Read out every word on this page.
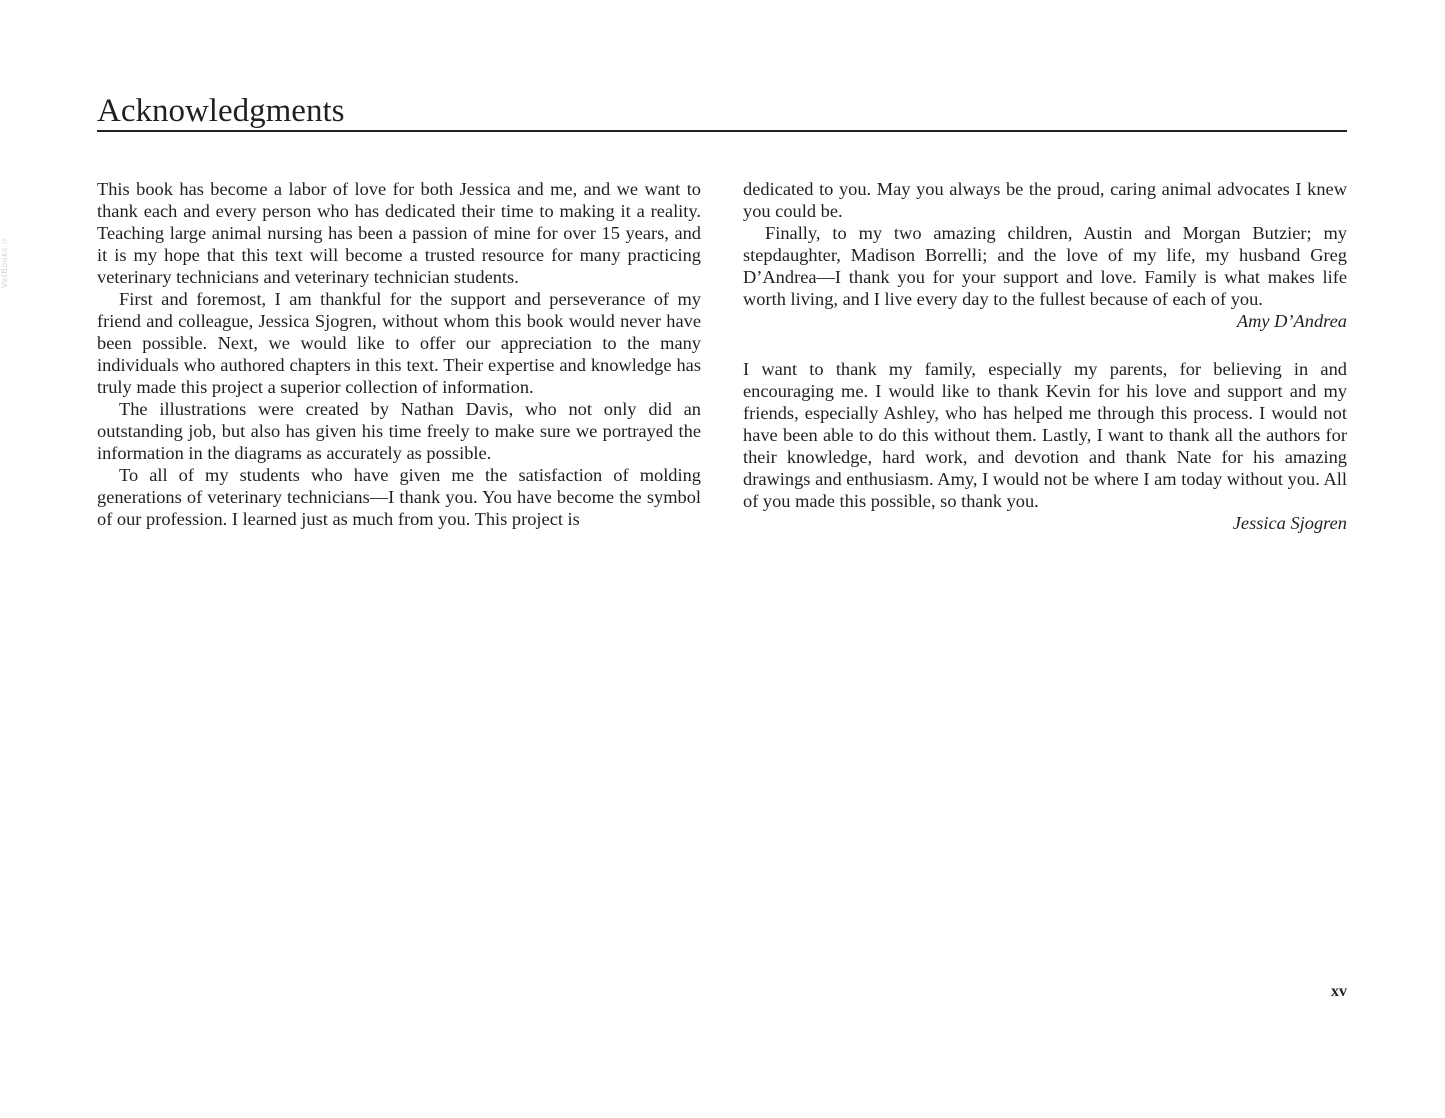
VetBooks.ir
Acknowledgments

This book has become a labor of love for both Jessica and me, and we want to thank each and every person who has dedicated their time to making it a reality. Teaching large animal nursing has been a passion of mine for over 15 years, and it is my hope that this text will become a trusted resource for many practicing veterinary technicians and veterinary technician students.

First and foremost, I am thankful for the support and perseverance of my friend and colleague, Jessica Sjogren, without whom this book would never have been possible. Next, we would like to offer our appreciation to the many individuals who authored chapters in this text. Their expertise and knowledge has truly made this project a superior collection of information.

The illustrations were created by Nathan Davis, who not only did an outstanding job, but also has given his time freely to make sure we portrayed the information in the diagrams as accurately as possible.

To all of my students who have given me the satisfaction of molding generations of veterinary technicians—I thank you. You have become the symbol of our profession. I learned just as much from you. This project is

dedicated to you. May you always be the proud, caring animal advocates I knew you could be.

Finally, to my two amazing children, Austin and Morgan Butzier; my stepdaughter, Madison Borrelli; and the love of my life, my husband Greg D’Andrea—I thank you for your support and love. Family is what makes life worth living, and I live every day to the fullest because of each of you.

Amy D’Andrea

I want to thank my family, especially my parents, for believing in and encouraging me. I would like to thank Kevin for his love and support and my friends, especially Ashley, who has helped me through this process. I would not have been able to do this without them. Lastly, I want to thank all the authors for their knowledge, hard work, and devotion and thank Nate for his amazing drawings and enthusiasm. Amy, I would not be where I am today without you. All of you made this possible, so thank you.

Jessica Sjogren

xv
